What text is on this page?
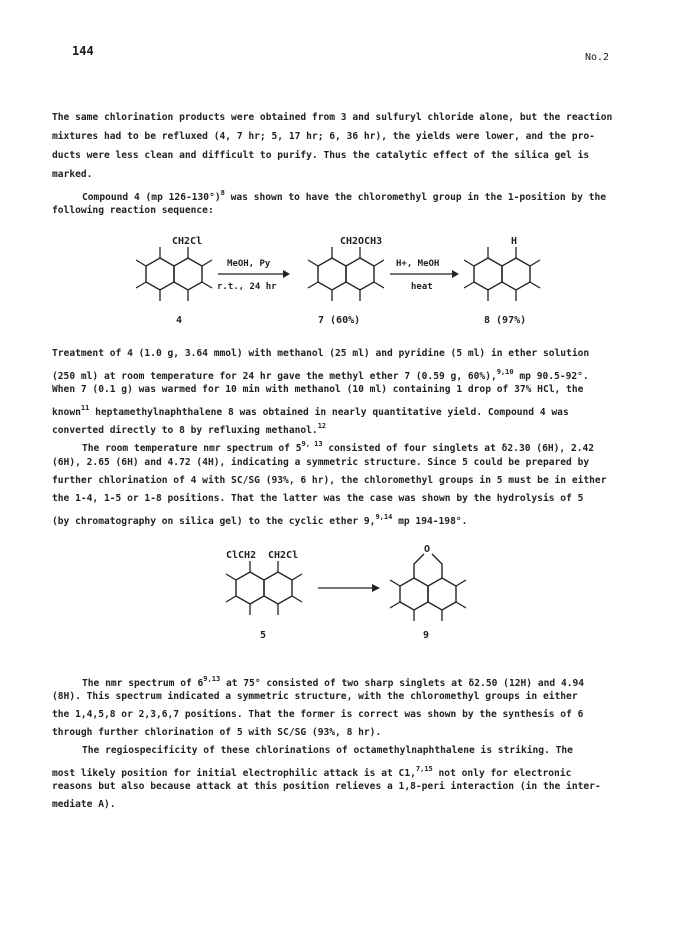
144	No.2
The same chlorination products were obtained from 3 and sulfuryl chloride alone, but the reaction
mixtures had to be refluxed (4, 7 hr; 5, 17 hr; 6, 36 hr), the yields were lower, and the pro-
ducts were less clean and difficult to purify. Thus the catalytic effect of the silica gel is
marked.
Compound 4 (mp 126-130°)$^8$ was shown to have the chloromethyl group in the 1-position by the
following reaction sequence:
CH2Cl
4
MeOH, Py
r.t., 24 hr
CH2OCH3
7 (60%)
H+, MeOH
heat
H
8 (97%)
Treatment of 4 (1.0 g, 3.64 mmol) with methanol (25 ml) and pyridine (5 ml) in ether solution
(250 ml) at room temperature for 24 hr gave the methyl ether 7 (0.59 g, 60%),$^{9,10}$ mp 90.5-92°.
When 7 (0.1 g) was warmed for 10 min with methanol (10 ml) containing 1 drop of 37% HCl, the
known$^{11}$ heptamethylnaphthalene 8 was obtained in nearly quantitative yield. Compound 4 was
converted directly to 8 by refluxing methanol.$^{12}$
The room temperature nmr spectrum of 5$^{9, 13}$ consisted of four singlets at δ2.30 (6H), 2.42
(6H), 2.65 (6H) and 4.72 (4H), indicating a symmetric structure. Since 5 could be prepared by
further chlorination of 4 with SC/SG (93%, 6 hr), the chloromethyl groups in 5 must be in either
the 1-4, 1-5 or 1-8 positions. That the latter was the case was shown by the hydrolysis of 5
(by chromatography on silica gel) to the cyclic ether 9,$^{9,14}$ mp 194-198°.
ClCH2 CH2Cl
5
O
9
The nmr spectrum of 6$^{9,13}$ at 75° consisted of two sharp singlets at δ2.50 (12H) and 4.94
(8H). This spectrum indicated a symmetric structure, with the chloromethyl groups in either
the 1,4,5,8 or 2,3,6,7 positions. That the former is correct was shown by the synthesis of 6
through further chlorination of 5 with SC/SG (93%, 8 hr).
The regiospecificity of these chlorinations of octamethylnaphthalene is striking. The
most likely position for initial electrophilic attack is at C1,$^{7,15}$ not only for electronic
reasons but also because attack at this position relieves a 1,8-peri interaction (in the inter-
mediate A).
